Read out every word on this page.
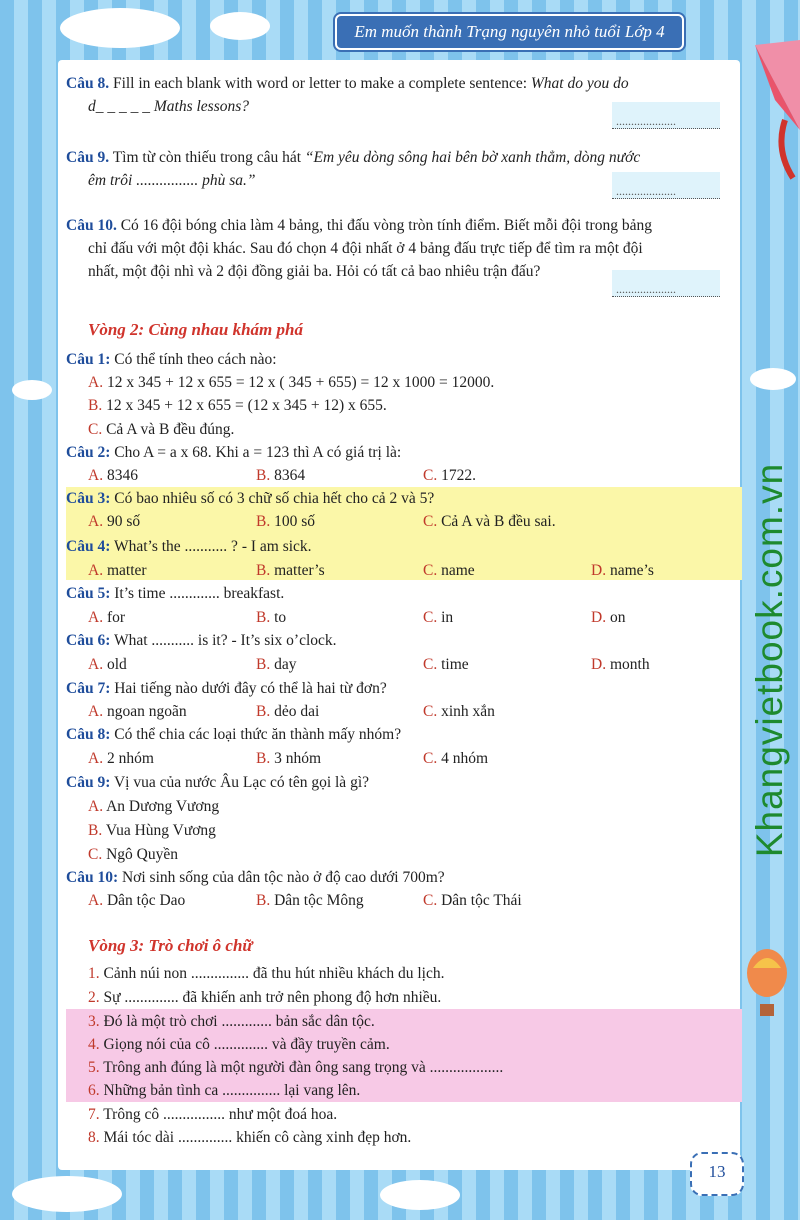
Em muốn thành Trạng nguyên nhỏ tuổi Lớp 4
Khangvietbook.com.vn
Câu 8. Fill in each blank with word or letter to make a complete sentence: What do you do
d_ _ _ _ _ Maths lessons?
....................
Câu 9. Tìm từ còn thiếu trong câu hát “Em yêu dòng sông hai bên bờ xanh thẳm, dòng nước
êm trôi ................ phù sa.”
....................
Câu 10. Có 16 đội bóng chia làm 4 bảng, thi đấu vòng tròn tính điểm. Biết mỗi đội trong bảng
chỉ đấu với một đội khác. Sau đó chọn 4 đội nhất ở 4 bảng đấu trực tiếp để tìm ra một đội
nhất, một đội nhì và 2 đội đồng giải ba. Hỏi có tất cả bao nhiêu trận đấu?
....................
Vòng 2: Cùng nhau khám phá
Câu 1: Có thể tính theo cách nào:
A. 12 x 345 + 12 x 655 = 12 x ( 345 + 655) = 12 x 1000 = 12000.
B. 12 x 345 + 12 x 655 = (12 x 345 + 12) x 655.
C. Cả A và B đều đúng.
Câu 2: Cho A = a x 68. Khi a = 123 thì A có giá trị là:
A. 8346	B. 8364	C. 1722.
Câu 3: Có bao nhiêu số có 3 chữ số chia hết cho cả 2 và 5?
A. 90 số	B. 100 số	C. Cả A và B đều sai.
Câu 4: What’s the ........... ? - I am sick.
A. matter	B. matter’s	C. name	D. name’s
Câu 5: It’s time ............. breakfast.
A. for	B. to	C. in	D. on
Câu 6: What ........... is it? - It’s six o’clock.
A. old	B. day	C. time	D. month
Câu 7: Hai tiếng nào dưới đây có thể là hai từ đơn?
A. ngoan ngoãn	B. dẻo dai	C. xinh xắn
Câu 8: Có thể chia các loại thức ăn thành mấy nhóm?
A. 2 nhóm	B. 3 nhóm	C. 4 nhóm
Câu 9: Vị vua của nước Âu Lạc có tên gọi là gì?
A. An Dương Vương
B. Vua Hùng Vương
C. Ngô Quyền
Câu 10: Nơi sinh sống của dân tộc nào ở độ cao dưới 700m?
A. Dân tộc Dao	B. Dân tộc Mông	C. Dân tộc Thái
Vòng 3: Trò chơi ô chữ
1. Cảnh núi non ............... đã thu hút nhiều khách du lịch.
2. Sự .............. đã khiến anh trở nên phong độ hơn nhiều.
3. Đó là một trò chơi ............. bản sắc dân tộc.
4. Giọng nói của cô .............. và đầy truyền cảm.
5. Trông anh đúng là một người đàn ông sang trọng và ...................
6. Những bản tình ca ............... lại vang lên.
7. Trông cô ................ như một đoá hoa.
8. Mái tóc dài .............. khiến cô càng xinh đẹp hơn.
13
